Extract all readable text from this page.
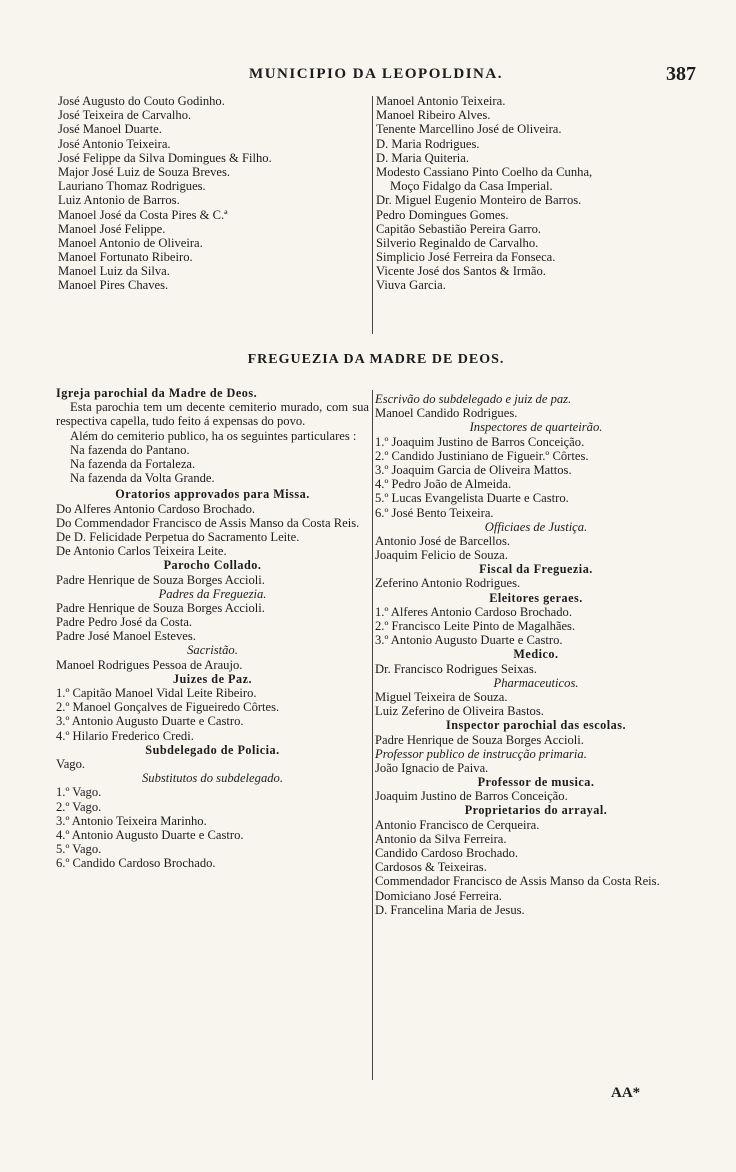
MUNICIPIO DA LEOPOLDINA.	387
José Augusto do Couto Godinho.
José Teixeira de Carvalho.
José Manoel Duarte.
José Antonio Teixeira.
José Felippe da Silva Domingues & Filho.
Major José Luiz de Souza Breves.
Lauriano Thomaz Rodrigues.
Luiz Antonio de Barros.
Manoel José da Costa Pires & C.ª
Manoel José Felippe.
Manoel Antonio de Oliveira.
Manoel Fortunato Ribeiro.
Manoel Luiz da Silva.
Manoel Pires Chaves.
Manoel Antonio Teixeira.
Manoel Ribeiro Alves.
Tenente Marcellino José de Oliveira.
D. Maria Rodrigues.
D. Maria Quiteria.
Modesto Cassiano Pinto Coelho da Cunha,
Moço Fidalgo da Casa Imperial.
Dr. Miguel Eugenio Monteiro de Barros.
Pedro Domingues Gomes.
Capitão Sebastião Pereira Garro.
Silverio Reginaldo de Carvalho.
Simplicio José Ferreira da Fonseca.
Vicente José dos Santos & Irmão.
Viuva Garcia.
FREGUEZIA DA MADRE DE DEOS.
Igreja parochial da Madre de Deos.
Esta parochia tem um decente cemiterio murado, com sua respectiva capella, tudo feito á expensas do povo.
Além do cemiterio publico, ha os seguintes particulares :
Na fazenda do Pantano.
Na fazenda da Fortaleza.
Na fazenda da Volta Grande.
Oratorios approvados para Missa.
Do Alferes Antonio Cardoso Brochado.
Do Commendador Francisco de Assis Manso da Costa Reis.
De D. Felicidade Perpetua do Sacramento Leite.
De Antonio Carlos Teixeira Leite.
Parocho Collado.
Padre Henrique de Souza Borges Accioli.
Padres da Freguezia.
Padre Henrique de Souza Borges Accioli.
Padre Pedro José da Costa.
Padre José Manoel Esteves.
Sacristão.
Manoel Rodrigues Pessoa de Araujo.
Juizes de Paz.
1.º Capitão Manoel Vidal Leite Ribeiro.
2.º Manoel Gonçalves de Figueiredo Côrtes.
3.º Antonio Augusto Duarte e Castro.
4.º Hilario Frederico Credi.
Subdelegado de Policia.
Vago.
Substitutos do subdelegado.
1.º Vago.
2.º Vago.
3.º Antonio Teixeira Marinho.
4.º Antonio Augusto Duarte e Castro.
5.º Vago.
6.º Candido Cardoso Brochado.
Escrivão do subdelegado e juiz de paz.
Manoel Candido Rodrigues.
Inspectores de quarteirão.
1.º Joaquim Justino de Barros Conceição.
2.º Candido Justiniano de Figueir.º Côrtes.
3.º Joaquim Garcia de Oliveira Mattos.
4.º Pedro João de Almeida.
5.º Lucas Evangelista Duarte e Castro.
6.º José Bento Teixeira.
Officiaes de Justiça.
Antonio José de Barcellos.
Joaquim Felicio de Souza.
Fiscal da Freguezia.
Zeferino Antonio Rodrigues.
Eleitores geraes.
1.º Alferes Antonio Cardoso Brochado.
2.º Francisco Leite Pinto de Magalhães.
3.º Antonio Augusto Duarte e Castro.
Medico.
Dr. Francisco Rodrigues Seixas.
Pharmaceuticos.
Miguel Teixeira de Souza.
Luiz Zeferino de Oliveira Bastos.
Inspector parochial das escolas.
Padre Henrique de Souza Borges Accioli.
Professor publico de instrucção primaria.
João Ignacio de Paiva.
Professor de musica.
Joaquim Justino de Barros Conceição.
Proprietarios do arrayal.
Antonio Francisco de Cerqueira.
Antonio da Silva Ferreira.
Candido Cardoso Brochado.
Cardosos & Teixeiras.
Commendador Francisco de Assis Manso da Costa Reis.
Domiciano José Ferreira.
D. Francelina Maria de Jesus.
AA*
